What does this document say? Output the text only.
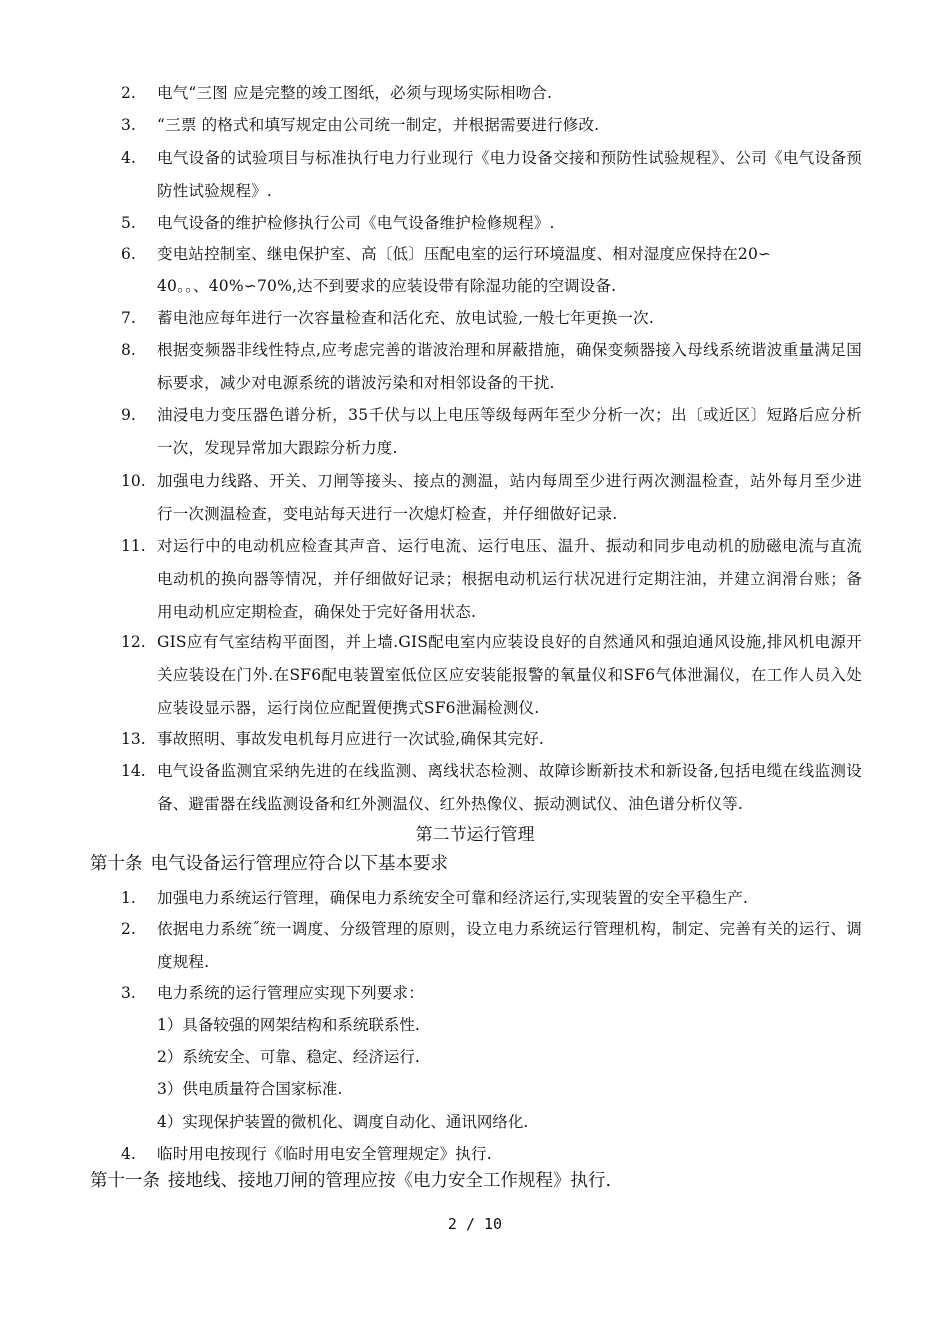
2.	电气“三图 应是完整的竣工图纸，必须与现场实际相吻合.
3.	“三票 的格式和填写规定由公司统一制定，并根据需要进行修改.
4.	电气设备的试验项目与标准执行电力行业现行《电力设备交接和预防性试验规程》、公司《电气设备预防性试验规程》.
5.	电气设备的维护检修执行公司《电气设备维护检修规程》.
6.	变电站控制室、继电保护室、高〔低〕压配电室的运行环境温度、相对湿度应保持在20∽
40。。、40%∽70%,达不到要求的应装设带有除湿功能的空调设备.
7.	蓄电池应每年进行一次容量检查和活化充、放电试验,一般七年更换一次.
8.	根据变频器非线性特点,应考虑完善的谐波治理和屏蔽措施，确保变频器接入母线系统谐波重量满足国标要求，减少对电源系统的谐波污染和对相邻设备的干扰.
9.	油浸电力变压器色谱分析，35千伏与以上电压等级每两年至少分析一次；出〔或近区〕短路后应分析一次，发现异常加大跟踪分析力度.
10. 加强电力线路、开关、刀闸等接头、接点的测温，站内每周至少进行两次测温检查，站外每月至少进行一次测温检查，变电站每天进行一次熄灯检查，并仔细做好记录.
11. 对运行中的电动机应检查其声音、运行电流、运行电压、温升、振动和同步电动机的励磁电流与直流电动机的换向器等情况，并仔细做好记录；根据电动机运行状况进行定期注油，并建立润滑台账；备用电动机应定期检查，确保处于完好备用状态.
12. GIS应有气室结构平面图，并上墙.GIS配电室内应装设良好的自然通风和强迫通风设施,排风机电源开关应装设在门外.在SF6配电装置室低位区应安装能报警的氧量仪和SF6气体泄漏仪，在工作人员入处应装设显示器，运行岗位应配置便携式SF6泄漏检测仪.
13. 事故照明、事故发电机每月应进行一次试验,确保其完好.
14. 电气设备监测宜采纳先进的在线监测、离线状态检测、故障诊断新技术和新设备,包括电缆在线监测设备、避雷器在线监测设备和红外测温仪、红外热像仪、振动测试仪、油色谱分析仪等.
第二节运行管理
第十条 电气设备运行管理应符合以下基本要求
1.	加强电力系统运行管理，确保电力系统安全可靠和经济运行,实现装置的安全平稳生产.
2.	依据电力系统˝统一调度、分级管理的原则，设立电力系统运行管理机构，制定、完善有关的运行、调度规程.
3.	电力系统的运行管理应实现下列要求：
1）具备较强的网架结构和系统联系性.
2）系统安全、可靠、稳定、经济运行.
3）供电质量符合国家标准.
4）实现保护装置的微机化、调度自动化、通讯网络化.
4.	临时用电按现行《临时用电安全管理规定》执行.
第十一条 接地线、接地刀闸的管理应按《电力安全工作规程》执行.
2 / 10
